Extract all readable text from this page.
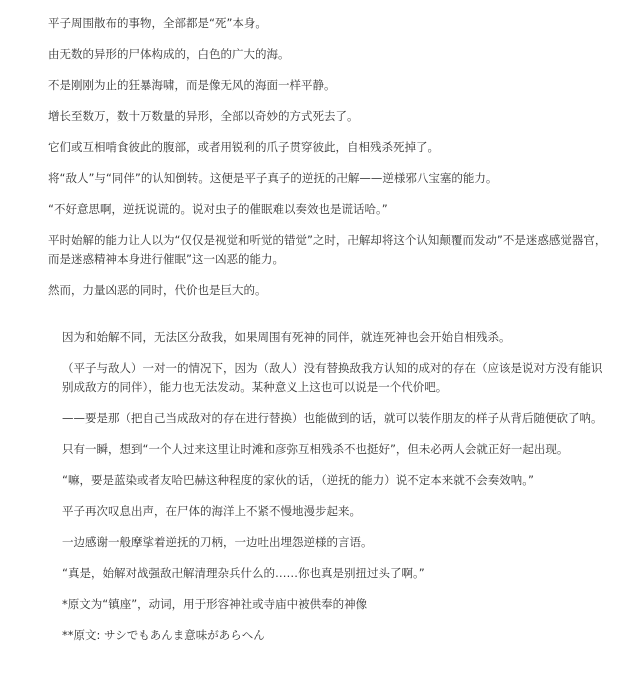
平子周围散布的事物，全部都是“死”本身。

由无数的异形的尸体构成的，白色的广大的海。

不是刚刚为止的狂暴海啸，而是像无风的海面一样平静。

增长至数万，数十万数量的异形，全部以奇妙的方式死去了。

它们或互相啃食彼此的腹部，或者用锐利的爪子贯穿彼此，自相残杀死掉了。

将“敌人”与“同伴”的认知倒转。这便是平子真子的逆抚的卍解——逆様邪八宝塞的能力。

“不好意思啊，逆抚说谎的。说对虫子的催眠难以奏效也是谎话哈。”

平时始解的能力让人以为“仅仅是视觉和听觉的错觉”之时，卍解却将这个认知颠覆而发动”不是迷惑感觉器官，而是迷惑精神本身进行催眠”这一凶恶的能力。

然而，力量凶恶的同时，代价也是巨大的。

因为和始解不同，无法区分敌我，如果周围有死神的同伴，就连死神也会开始自相残杀。

（平子与敌人）一对一的情况下，因为（敌人）没有替换敌我方认知的成对的存在（应该是说对方没有能识别成敌方的同伴），能力也无法发动。某种意义上这也可以说是一个代价吧。

——要是那（把自己当成敌对的存在进行替换）也能做到的话，就可以装作朋友的样子从背后随便砍了呐。

只有一瞬，想到“一个人过来这里让时滩和彦弥互相残杀不也挺好”，但未必两人会就正好一起出现。

“嘛，要是蓝染或者友哈巴赫这种程度的家伙的话，（逆抚的能力）说不定本来就不会奏效呐。”

平子再次叹息出声，在尸体的海洋上不紧不慢地漫步起来。

一边感谢一般摩挲着逆抚的刀柄，一边吐出埋怨逆様的言语。

“真是，始解对战强敌卍解清理杂兵什么的……你也真是别扭过头了啊。”

*原文为“镇座”，动词，用于形容神社或寺庙中被供奉的神像

**原文: サシでもあんま意味があらへん
